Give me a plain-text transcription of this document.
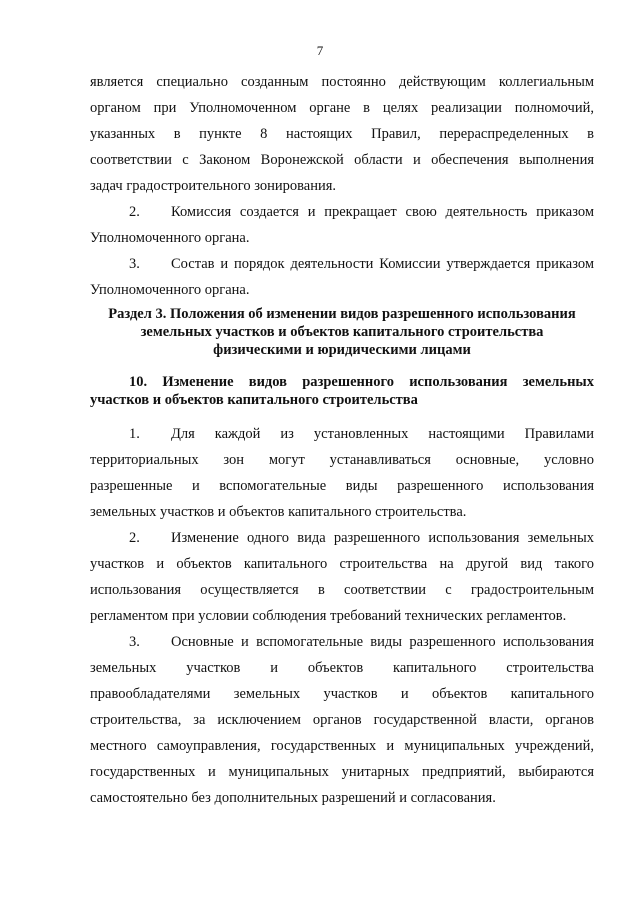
7
является специально созданным постоянно действующим коллегиальным
органом при Уполномоченном органе в целях реализации полномочий,
указанных в пункте 8 настоящих Правил, перераспределенных в
соответствии с Законом Воронежской области и обеспечения выполнения
задач градостроительного зонирования.
2. Комиссия создается и прекращает свою деятельность приказом
Уполномоченного органа.
3. Состав и порядок деятельности Комиссии утверждается приказом
Уполномоченного органа.
Раздел 3. Положения об изменении видов разрешенного использования
земельных участков и объектов капитального строительства
физическими и юридическими лицами
10. Изменение видов разрешенного использования земельных
участков и объектов капитального строительства
1. Для каждой из установленных настоящими Правилами
территориальных зон могут устанавливаться основные, условно
разрешенные и вспомогательные виды разрешенного использования
земельных участков и объектов капитального строительства.
2. Изменение одного вида разрешенного использования земельных
участков и объектов капитального строительства на другой вид такого
использования осуществляется в соответствии с градостроительным
регламентом при условии соблюдения требований технических регламентов.
3. Основные и вспомогательные виды разрешенного использования
земельных участков и объектов капитального строительства
правообладателями земельных участков и объектов капитального
строительства, за исключением органов государственной власти, органов
местного самоуправления, государственных и муниципальных учреждений,
государственных и муниципальных унитарных предприятий, выбираются
самостоятельно без дополнительных разрешений и согласования.
